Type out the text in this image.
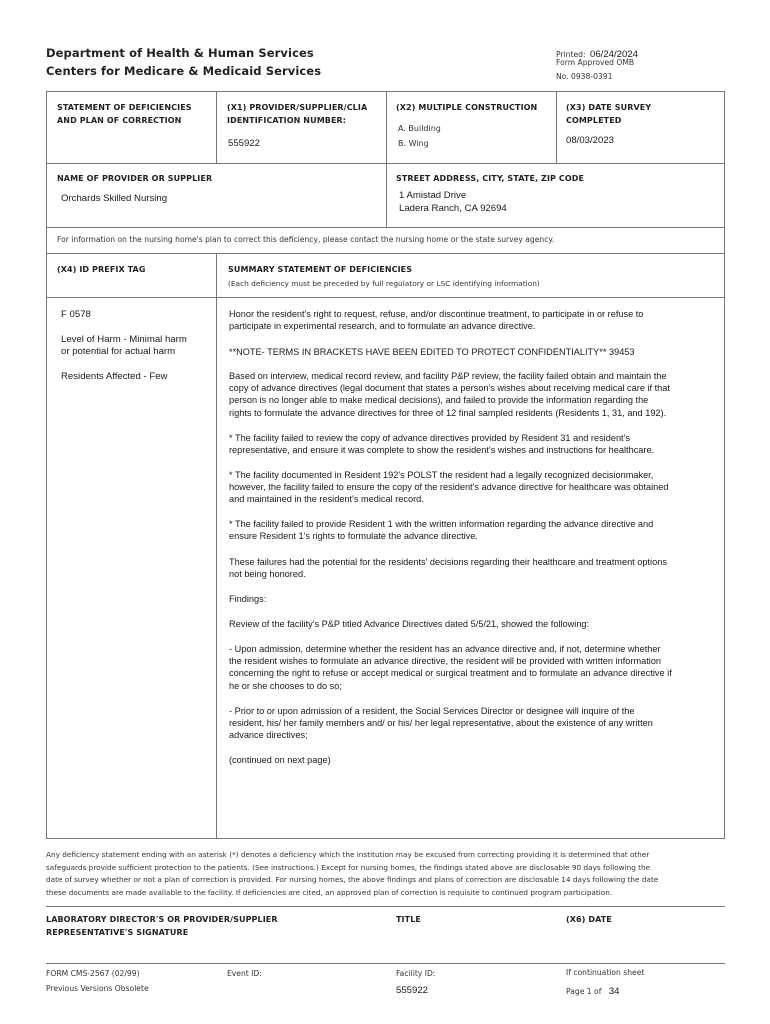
Department of Health & Human Services
Centers for Medicare & Medicaid Services
Printed: 06/24/2024
Form Approved OMB
No. 0938-0391
STATEMENT OF DEFICIENCIES
AND PLAN OF CORRECTION
(X1) PROVIDER/SUPPLIER/CLIA
IDENTIFICATION NUMBER:
555922
(X2) MULTIPLE CONSTRUCTION
A. Building
B. Wing
(X3) DATE SURVEY
COMPLETED
08/03/2023
NAME OF PROVIDER OR SUPPLIER
Orchards Skilled Nursing
STREET ADDRESS, CITY, STATE, ZIP CODE
1 Amistad Drive
Ladera Ranch, CA 92694
For information on the nursing home's plan to correct this deficiency, please contact the nursing home or the state survey agency.
(X4) ID PREFIX TAG	SUMMARY STATEMENT OF DEFICIENCIES
(Each deficiency must be preceded by full regulatory or LSC identifying information)
F 0578
Level of Harm - Minimal harm
or potential for actual harm
Residents Affected - Few
Honor the resident's right to request, refuse, and/or discontinue treatment, to participate in or refuse to
participate in experimental research, and to formulate an advance directive.
**NOTE- TERMS IN BRACKETS HAVE BEEN EDITED TO PROTECT CONFIDENTIALITY** 39453
Based on interview, medical record review, and facility P&P review, the facility failed obtain and maintain the
copy of advance directives (legal document that states a person's wishes about receiving medical care if that
person is no longer able to make medical decisions), and failed to provide the information regarding the
rights to formulate the advance directives for three of 12 final sampled residents (Residents 1, 31, and 192).
* The facility failed to review the copy of advance directives provided by Resident 31 and resident's
representative, and ensure it was complete to show the resident's wishes and instructions for healthcare.
* The facility documented in Resident 192's POLST the resident had a legally recognized decisionmaker,
however, the facility failed to ensure the copy of the resident's advance directive for healthcare was obtained
and maintained in the resident's medical record.
* The facility failed to provide Resident 1 with the written information regarding the advance directive and
ensure Resident 1's rights to formulate the advance directive.
These failures had the potential for the residents' decisions regarding their healthcare and treatment options
not being honored.
Findings:
Review of the facility's P&P titled Advance Directives dated 5/5/21, showed the following:
- Upon admission, determine whether the resident has an advance directive and, if not, determine whether
the resident wishes to formulate an advance directive, the resident will be provided with written information
concerning the right to refuse or accept medical or surgical treatment and to formulate an advance directive if
he or she chooses to do so;
- Prior to or upon admission of a resident, the Social Services Director or designee will inquire of the
resident, his/ her family members and/ or his/ her legal representative, about the existence of any written
advance directives;
(continued on next page)
Any deficiency statement ending with an asterisk (*) denotes a deficiency which the institution may be excused from correcting providing it is determined that other
safeguards provide sufficient protection to the patients. (See instructions.) Except for nursing homes, the findings stated above are disclosable 90 days following the
date of survey whether or not a plan of correction is provided. For nursing homes, the above findings and plans of correction are disclosable 14 days following the date
these documents are made available to the facility. If deficiencies are cited, an approved plan of correction is requisite to continued program participation.
LABORATORY DIRECTOR'S OR PROVIDER/SUPPLIER
REPRESENTATIVE'S SIGNATURE
TITLE	(X6) DATE
FORM CMS-2567 (02/99)
Previous Versions Obsolete
Event ID:	Facility ID:
555922
If continuation sheet
Page 1 of 34
